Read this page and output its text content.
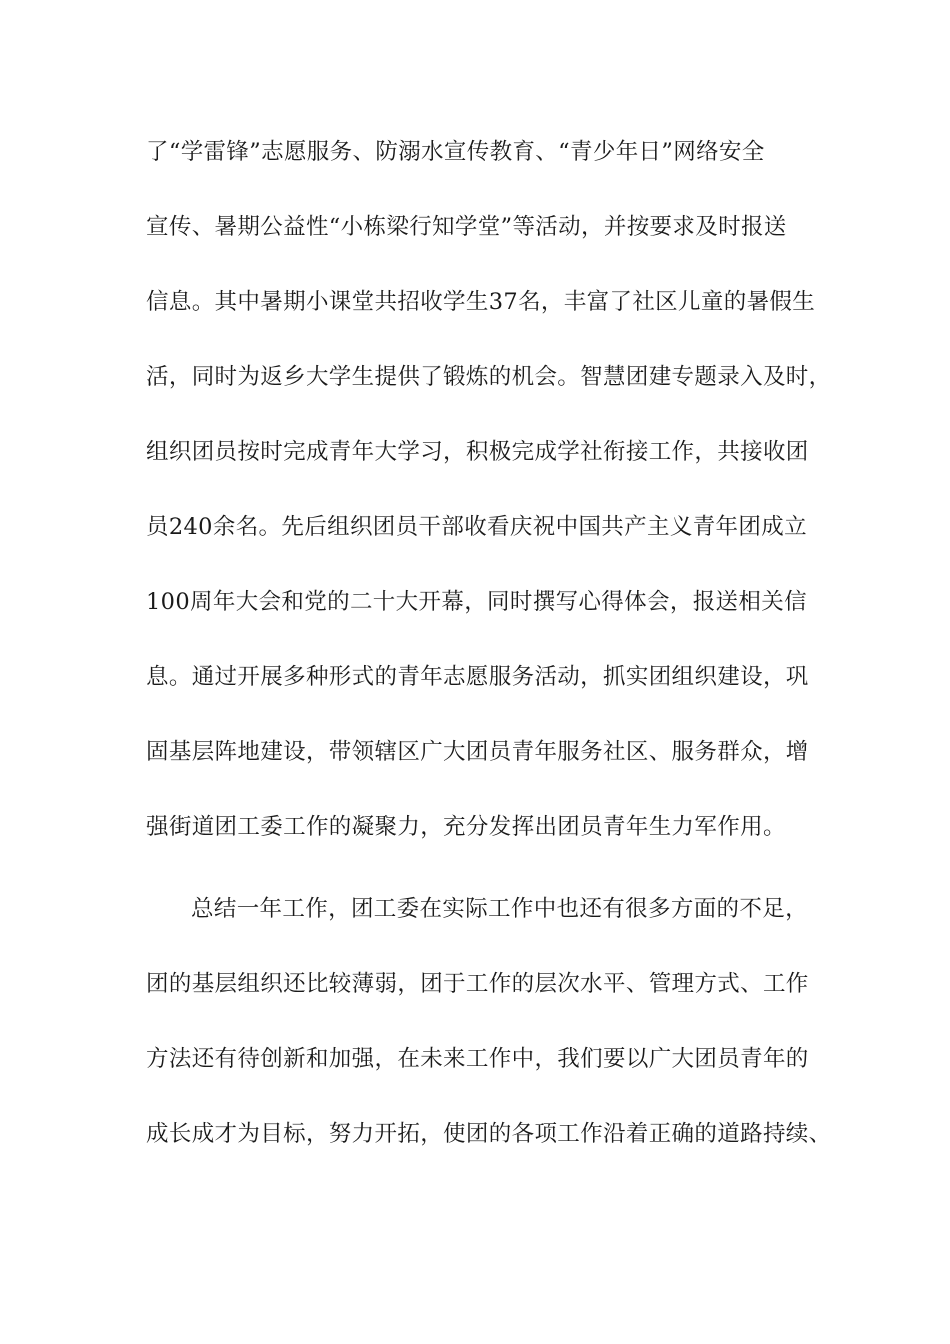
了“学雷锋”志愿服务、防溺水宣传教育、“青少年日”网络安全
宣传、暑期公益性“小栋梁行知学堂”等活动，并按要求及时报送
信息。其中暑期小课堂共招收学生37名，丰富了社区儿童的暑假生
活，同时为返乡大学生提供了锻炼的机会。智慧团建专题录入及时，
组织团员按时完成青年大学习，积极完成学社衔接工作，共接收团
员240余名。先后组织团员干部收看庆祝中国共产主义青年团成立
100周年大会和党的二十大开幕，同时撰写心得体会，报送相关信
息。通过开展多种形式的青年志愿服务活动，抓实团组织建设，巩
固基层阵地建设，带领辖区广大团员青年服务社区、服务群众，增
强街道团工委工作的凝聚力，充分发挥出团员青年生力军作用。
总结一年工作，团工委在实际工作中也还有很多方面的不足，
团的基层组织还比较薄弱，团于工作的层次水平、管理方式、工作
方法还有待创新和加强，在未来工作中，我们要以广大团员青年的
成长成才为目标，努力开拓，使团的各项工作沿着正确的道路持续、
